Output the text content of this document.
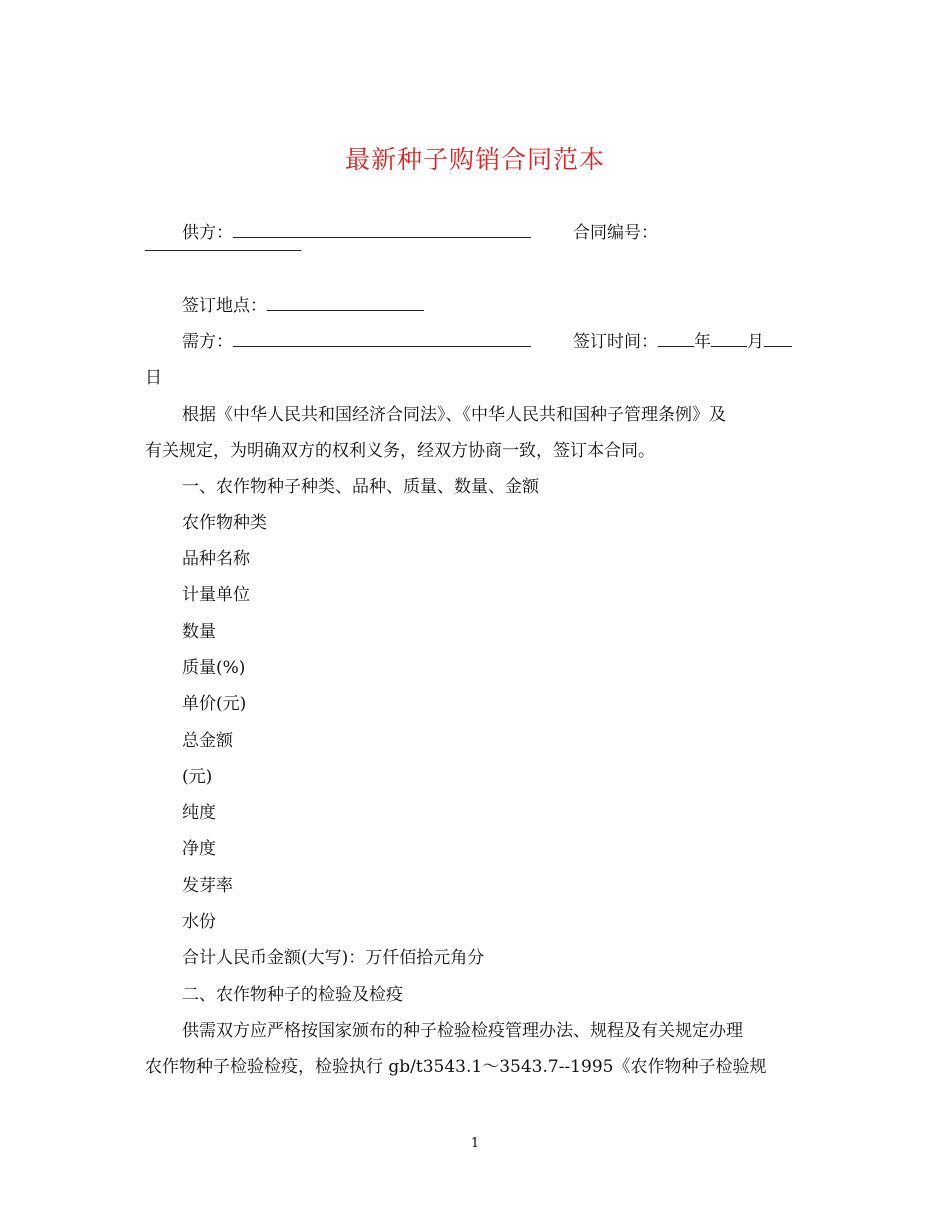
最新种子购销合同范本
供方：	合同编号：
签订地点：
需方：	签订时间： 年 月
日
根据《中华人民共和国经济合同法》、《中华人民共和国种子管理条例》及
有关规定，为明确双方的权利义务，经双方协商一致，签订本合同。
一、农作物种子种类、品种、质量、数量、金额
农作物种类
品种名称
计量单位
数量
质量(%)
单价(元)
总金额
(元)
纯度
净度
发芽率
水份
合计人民币金额(大写)：万仟佰拾元角分
二、农作物种子的检验及检疫
供需双方应严格按国家颁布的种子检验检疫管理办法、规程及有关规定办理
农作物种子检验检疫，检验执行 gb/t3543.1～3543.7--1995《农作物种子检验规
1
